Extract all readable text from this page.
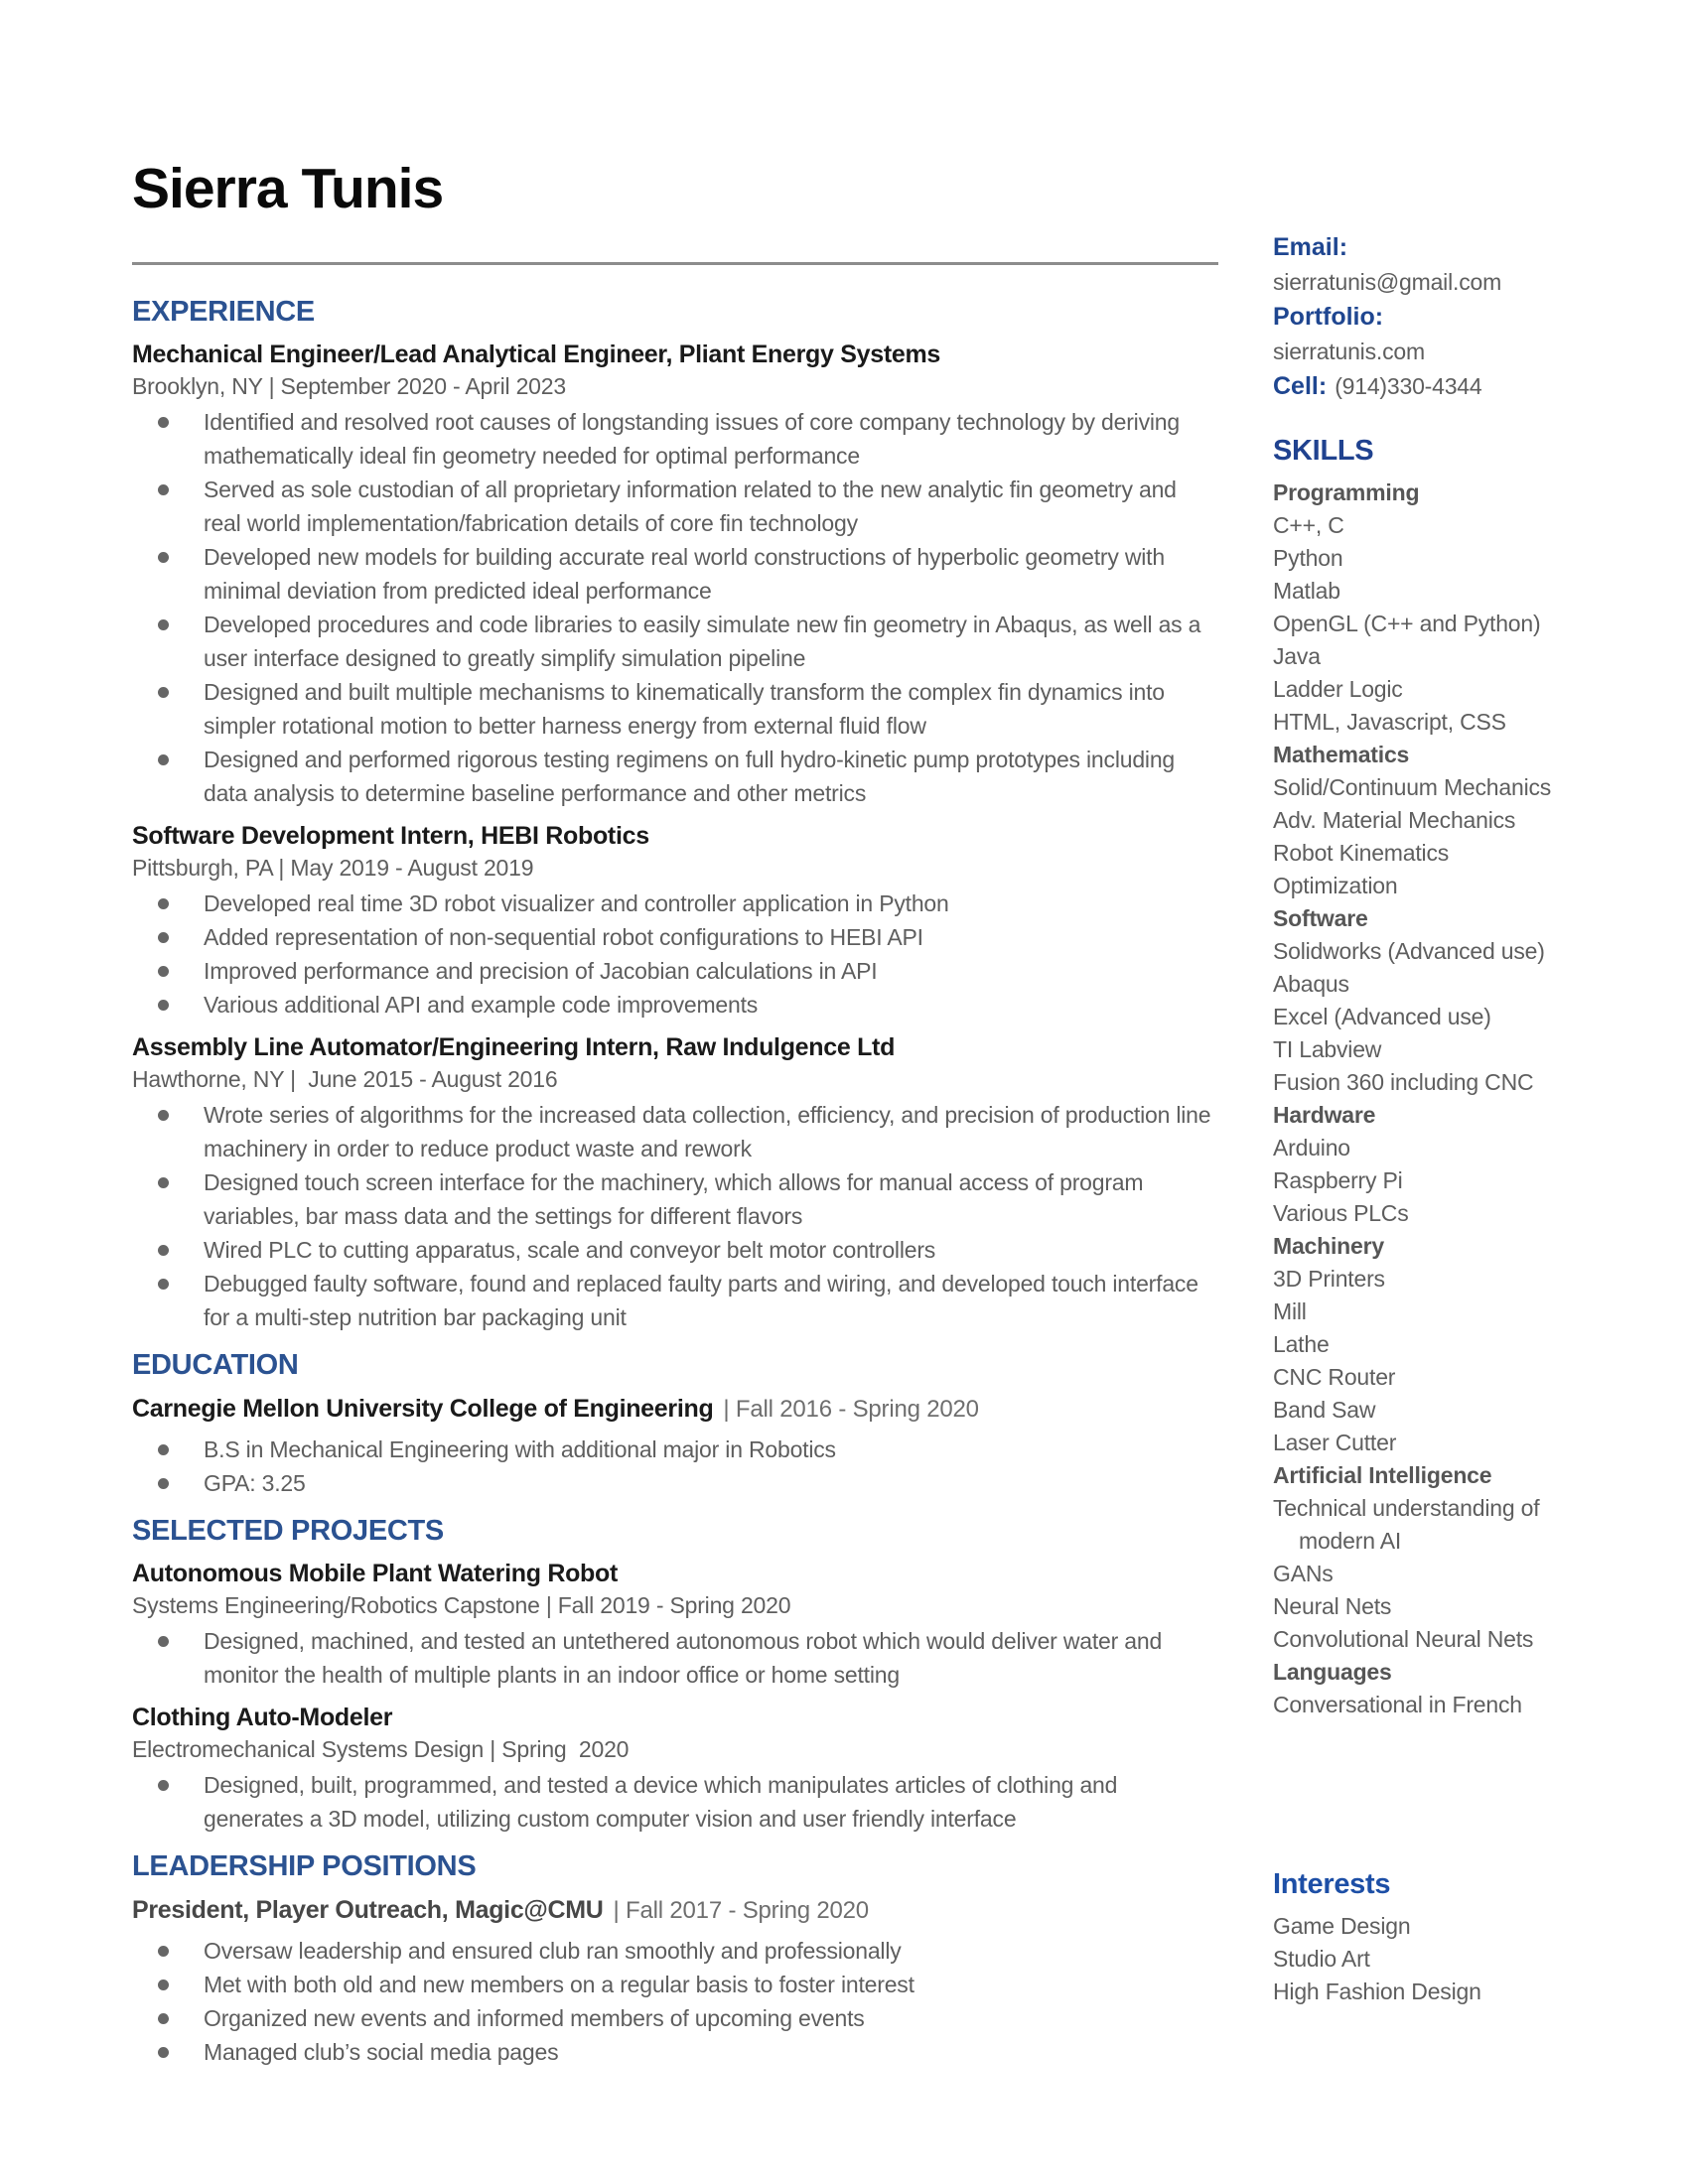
Sierra Tunis
EXPERIENCE
Mechanical Engineer/Lead Analytical Engineer, Pliant Energy Systems

Brooklyn, NY | September 2020 - April 2023

Identified and resolved root causes of longstanding issues of core company technology by deriving mathematically ideal fin geometry needed for optimal performance
Served as sole custodian of all proprietary information related to the new analytic fin geometry and real world implementation/fabrication details of core fin technology
Developed new models for building accurate real world constructions of hyperbolic geometry with minimal deviation from predicted ideal performance
Developed procedures and code libraries to easily simulate new fin geometry in Abaqus, as well as a user interface designed to greatly simplify simulation pipeline
Designed and built multiple mechanisms to kinematically transform the complex fin dynamics into simpler rotational motion to better harness energy from external fluid flow
Designed and performed rigorous testing regimens on full hydro-kinetic pump prototypes including data analysis to determine baseline performance and other metrics
Software Development Intern, HEBI Robotics

Pittsburgh, PA | May 2019 - August 2019

Developed real time 3D robot visualizer and controller application in Python
Added representation of non-sequential robot configurations to HEBI API
Improved performance and precision of Jacobian calculations in API
Various additional API and example code improvements
Assembly Line Automator/Engineering Intern, Raw Indulgence Ltd

Hawthorne, NY |  June 2015 - August 2016

Wrote series of algorithms for the increased data collection, efficiency, and precision of production line machinery in order to reduce product waste and rework
Designed touch screen interface for the machinery, which allows for manual access of program variables, bar mass data and the settings for different flavors
Wired PLC to cutting apparatus, scale and conveyor belt motor controllers
Debugged faulty software, found and replaced faulty parts and wiring, and developed touch interface for a multi-step nutrition bar packaging unit
EDUCATION

Carnegie Mellon University College of Engineering | Fall 2016 - Spring 2020

B.S in Mechanical Engineering with additional major in Robotics
GPA: 3.25
SELECTED PROJECTS
Autonomous Mobile Plant Watering Robot

Systems Engineering/Robotics Capstone | Fall 2019 - Spring 2020

Designed, machined, and tested an untethered autonomous robot which would deliver water and monitor the health of multiple plants in an indoor office or home setting
Clothing Auto-Modeler

Electromechanical Systems Design | Spring  2020

Designed, built, programmed, and tested a device which manipulates articles of clothing and generates a 3D model, utilizing custom computer vision and user friendly interface
LEADERSHIP POSITIONS

President, Player Outreach, Magic@CMU | Fall 2017 - Spring 2020

Oversaw leadership and ensured club ran smoothly and professionally
Met with both old and new members on a regular basis to foster interest
Organized new events and informed members of upcoming events
Managed club’s social media pages

Email:

sierratunis@gmail.com

Portfolio:

sierratunis.com

Cell: (914)330-4344

SKILLS

Programming

C++, C

Python

Matlab

OpenGL (C++ and Python)

Java

Ladder Logic

HTML, Javascript, CSS

Mathematics

Solid/Continuum Mechanics

Adv. Material Mechanics

Robot Kinematics

Optimization

Software

Solidworks (Advanced use)

Abaqus

Excel (Advanced use)

TI Labview

Fusion 360 including CNC

Hardware

Arduino

Raspberry Pi

Various PLCs

Machinery

3D Printers

Mill

Lathe

CNC Router

Band Saw

Laser Cutter

Artificial Intelligence

Technical understanding of modern AI

GANs

Neural Nets

Convolutional Neural Nets

Languages

Conversational in French

Interests

Game Design

Studio Art

High Fashion Design
